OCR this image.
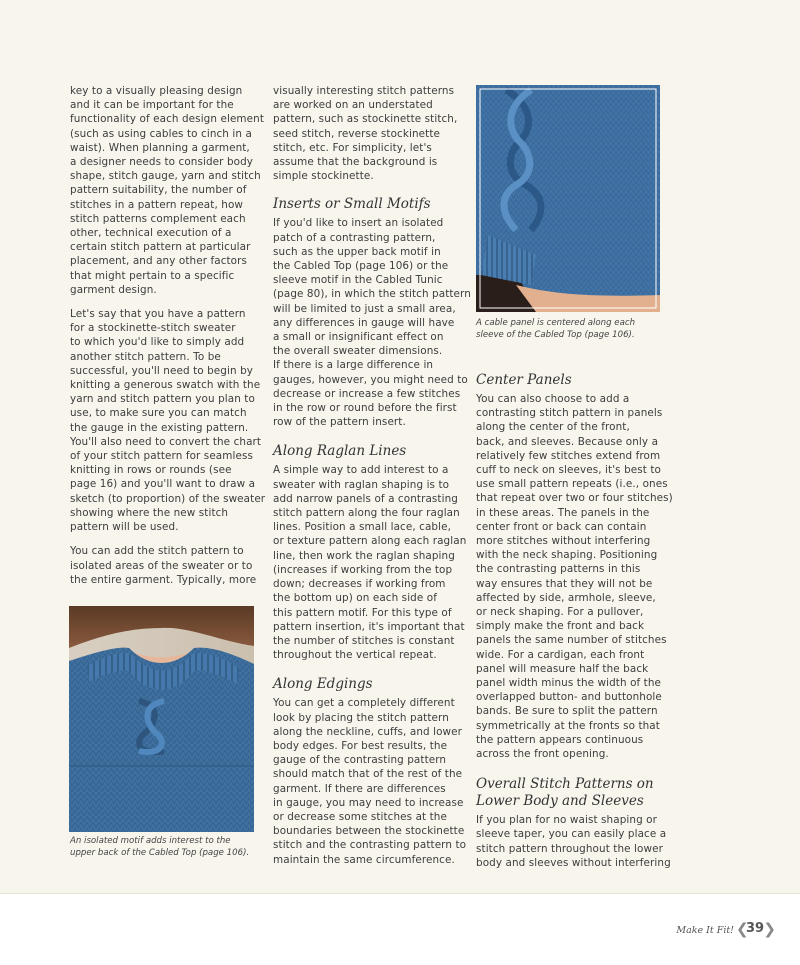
key to a visually pleasing design
and it can be important for the
functionality of each design element
(such as using cables to cinch in a
waist). When planning a garment,
a designer needs to consider body
shape, stitch gauge, yarn and stitch
pattern suitability, the number of
stitches in a pattern repeat, how
stitch patterns complement each
other, technical execution of a
certain stitch pattern at particular
placement, and any other factors
that might pertain to a specific
garment design.

Let's say that you have a pattern
for a stockinette-stitch sweater
to which you'd like to simply add
another stitch pattern. To be
successful, you'll need to begin by
knitting a generous swatch with the
yarn and stitch pattern you plan to
use, to make sure you can match
the gauge in the existing pattern.
You'll also need to convert the chart
of your stitch pattern for seamless
knitting in rows or rounds (see
page 16) and you'll want to draw a
sketch (to proportion) of the sweater
showing where the new stitch
pattern will be used.

You can add the stitch pattern to
isolated areas of the sweater or to
the entire garment. Typically, more

An isolated motif adds interest to the
upper back of the Cabled Top (page 106).

visually interesting stitch patterns
are worked on an understated
pattern, such as stockinette stitch,
seed stitch, reverse stockinette
stitch, etc. For simplicity, let's
assume that the background is
simple stockinette.

Inserts or Small Motifs

If you'd like to insert an isolated
patch of a contrasting pattern,
such as the upper back motif in
the Cabled Top (page 106) or the
sleeve motif in the Cabled Tunic
(page 80), in which the stitch pattern
will be limited to just a small area,
any differences in gauge will have
a small or insignificant effect on
the overall sweater dimensions.
If there is a large difference in
gauges, however, you might need to
decrease or increase a few stitches
in the row or round before the first
row of the pattern insert.

Along Raglan Lines

A simple way to add interest to a
sweater with raglan shaping is to
add narrow panels of a contrasting
stitch pattern along the four raglan
lines. Position a small lace, cable,
or texture pattern along each raglan
line, then work the raglan shaping
(increases if working from the top
down; decreases if working from
the bottom up) on each side of
this pattern motif. For this type of
pattern insertion, it's important that
the number of stitches is constant
throughout the vertical repeat.

Along Edgings

You can get a completely different
look by placing the stitch pattern
along the neckline, cuffs, and lower
body edges. For best results, the
gauge of the contrasting pattern
should match that of the rest of the
garment. If there are differences
in gauge, you may need to increase
or decrease some stitches at the
boundaries between the stockinette
stitch and the contrasting pattern to
maintain the same circumference.

A cable panel is centered along each
sleeve of the Cabled Top (page 106).
Center Panels

You can also choose to add a
contrasting stitch pattern in panels
along the center of the front,
back, and sleeves. Because only a
relatively few stitches extend from
cuff to neck on sleeves, it's best to
use small pattern repeats (i.e., ones
that repeat over two or four stitches)
in these areas. The panels in the
center front or back can contain
more stitches without interfering
with the neck shaping. Positioning
the contrasting patterns in this
way ensures that they will not be
affected by side, armhole, sleeve,
or neck shaping. For a pullover,
simply make the front and back
panels the same number of stitches
wide. For a cardigan, each front
panel will measure half the back
panel width minus the width of the
overlapped button- and buttonhole
bands. Be sure to split the pattern
symmetrically at the fronts so that
the pattern appears continuous
across the front opening.

Overall Stitch Patterns on
Lower Body and Sleeves

If you plan for no waist shaping or
sleeve taper, you can easily place a
stitch pattern throughout the lower
body and sleeves without interfering

Make It Fit! ❮
39 ❯
